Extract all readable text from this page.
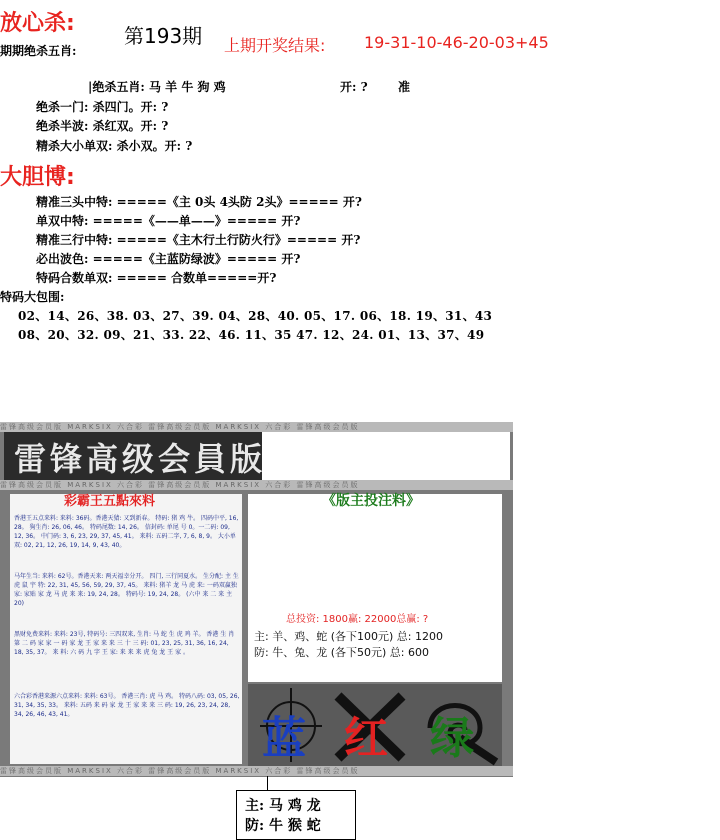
放心杀: 第193期 上期开奖结果: 19-31-10-46-20-03+45
期期绝杀五肖:
|绝杀五肖: 马 羊 牛 狗 鸡	开: ?	准
绝杀一门: 杀四门。开: ?
绝杀半波: 杀红双。开: ?
精杀大小单双: 杀小双。开: ?
大胆博:
精准三头中特: =====《主 0头 4头防 2头》===== 开?
单双中特: =====《——单——》===== 开?
精准三行中特: =====《主木行土行防火行》===== 开?
必出波色: =====《主蓝防绿波》===== 开?
特码合数单双: ===== 合数单=====开?
特码大包围:
02、14、26、38. 03、27、39. 04、28、40. 05、17. 06、18. 19、31、43
08、20、32. 09、21、33. 22、46. 11、35 47. 12、24. 01、13、37、49
雷锋高级会員版
雷锋高级会员版 MARKSIX 六合彩 雷锋高级会员版 MARKSIX 六合彩 雷锋高级会员版
雷锋高级会员版 MARKSIX 六合彩 雷锋高级会员版 MARKSIX 六合彩 雷锋高级会员版
雷锋高级会员版 MARKSIX 六合彩 雷锋高级会员版 MARKSIX 六合彩 雷锋高级会员版
彩霸王五點來料	《版主投注料》
香港王五点来料: 来料: 36码。香港天猜: 又到新春。 特码: 猪 鸡 牛。 四码中平, 16, 28。 狗生肖: 26, 06, 46。 特码尾数: 14, 26。 信封码: 单尾 号 0。一二码: 09, 12, 36。 中门码: 3, 6, 23, 29, 37, 45, 41。 来料: 五码二字, 7, 6, 8, 9。 大小单双: 02, 21, 12, 26, 19, 14, 9, 43, 40。
马年生当: 来料: 62号。香港天来: 两天福幸分开。 四门, 三行同夏水。 生分配: 主 生 虎 鼠 宇 特: 22, 31, 45, 56, 59, 29, 37, 45。 来料: 猪羊 龙 马 虎 来: 一码双赢独家: 家贴 家 龙 马 虎 来 来: 19, 24, 28。 特码号: 19, 24, 28。 (六中 来 二 来 主 20)
黑财免费来料: 来料: 23号, 特码号: 三四双来, 生肖: 马 蛇 生 虎 鸡 羊。 香港 生 肖 第 二 码 家 家 一 码 家 龙 王 家 来 来 三 十 三 码: 01, 23, 25, 31, 36, 16, 24, 18, 35, 37。 来 料: 六 码 九 字 王 家: 来 来 来 虎 兔 龙 王 家 。
六合彩香港来源六点来料: 来料: 63号。 香港三肖: 虎 马 鸡。 特码八码: 03, 05, 26, 31, 34, 35, 33。 来料: 五码 来 码 家 龙 王 家 来 来 三 码: 19, 26, 23, 24, 28, 34, 26, 46, 43, 41。
总投资: 1800赢: 22000总赢: ?
主: 羊、鸡、蛇 (各下100元) 总: 1200
防: 牛、兔、龙 (各下50元) 总: 600
蓝 红 绿
主: 马 鸡 龙
防: 牛 猴 蛇
